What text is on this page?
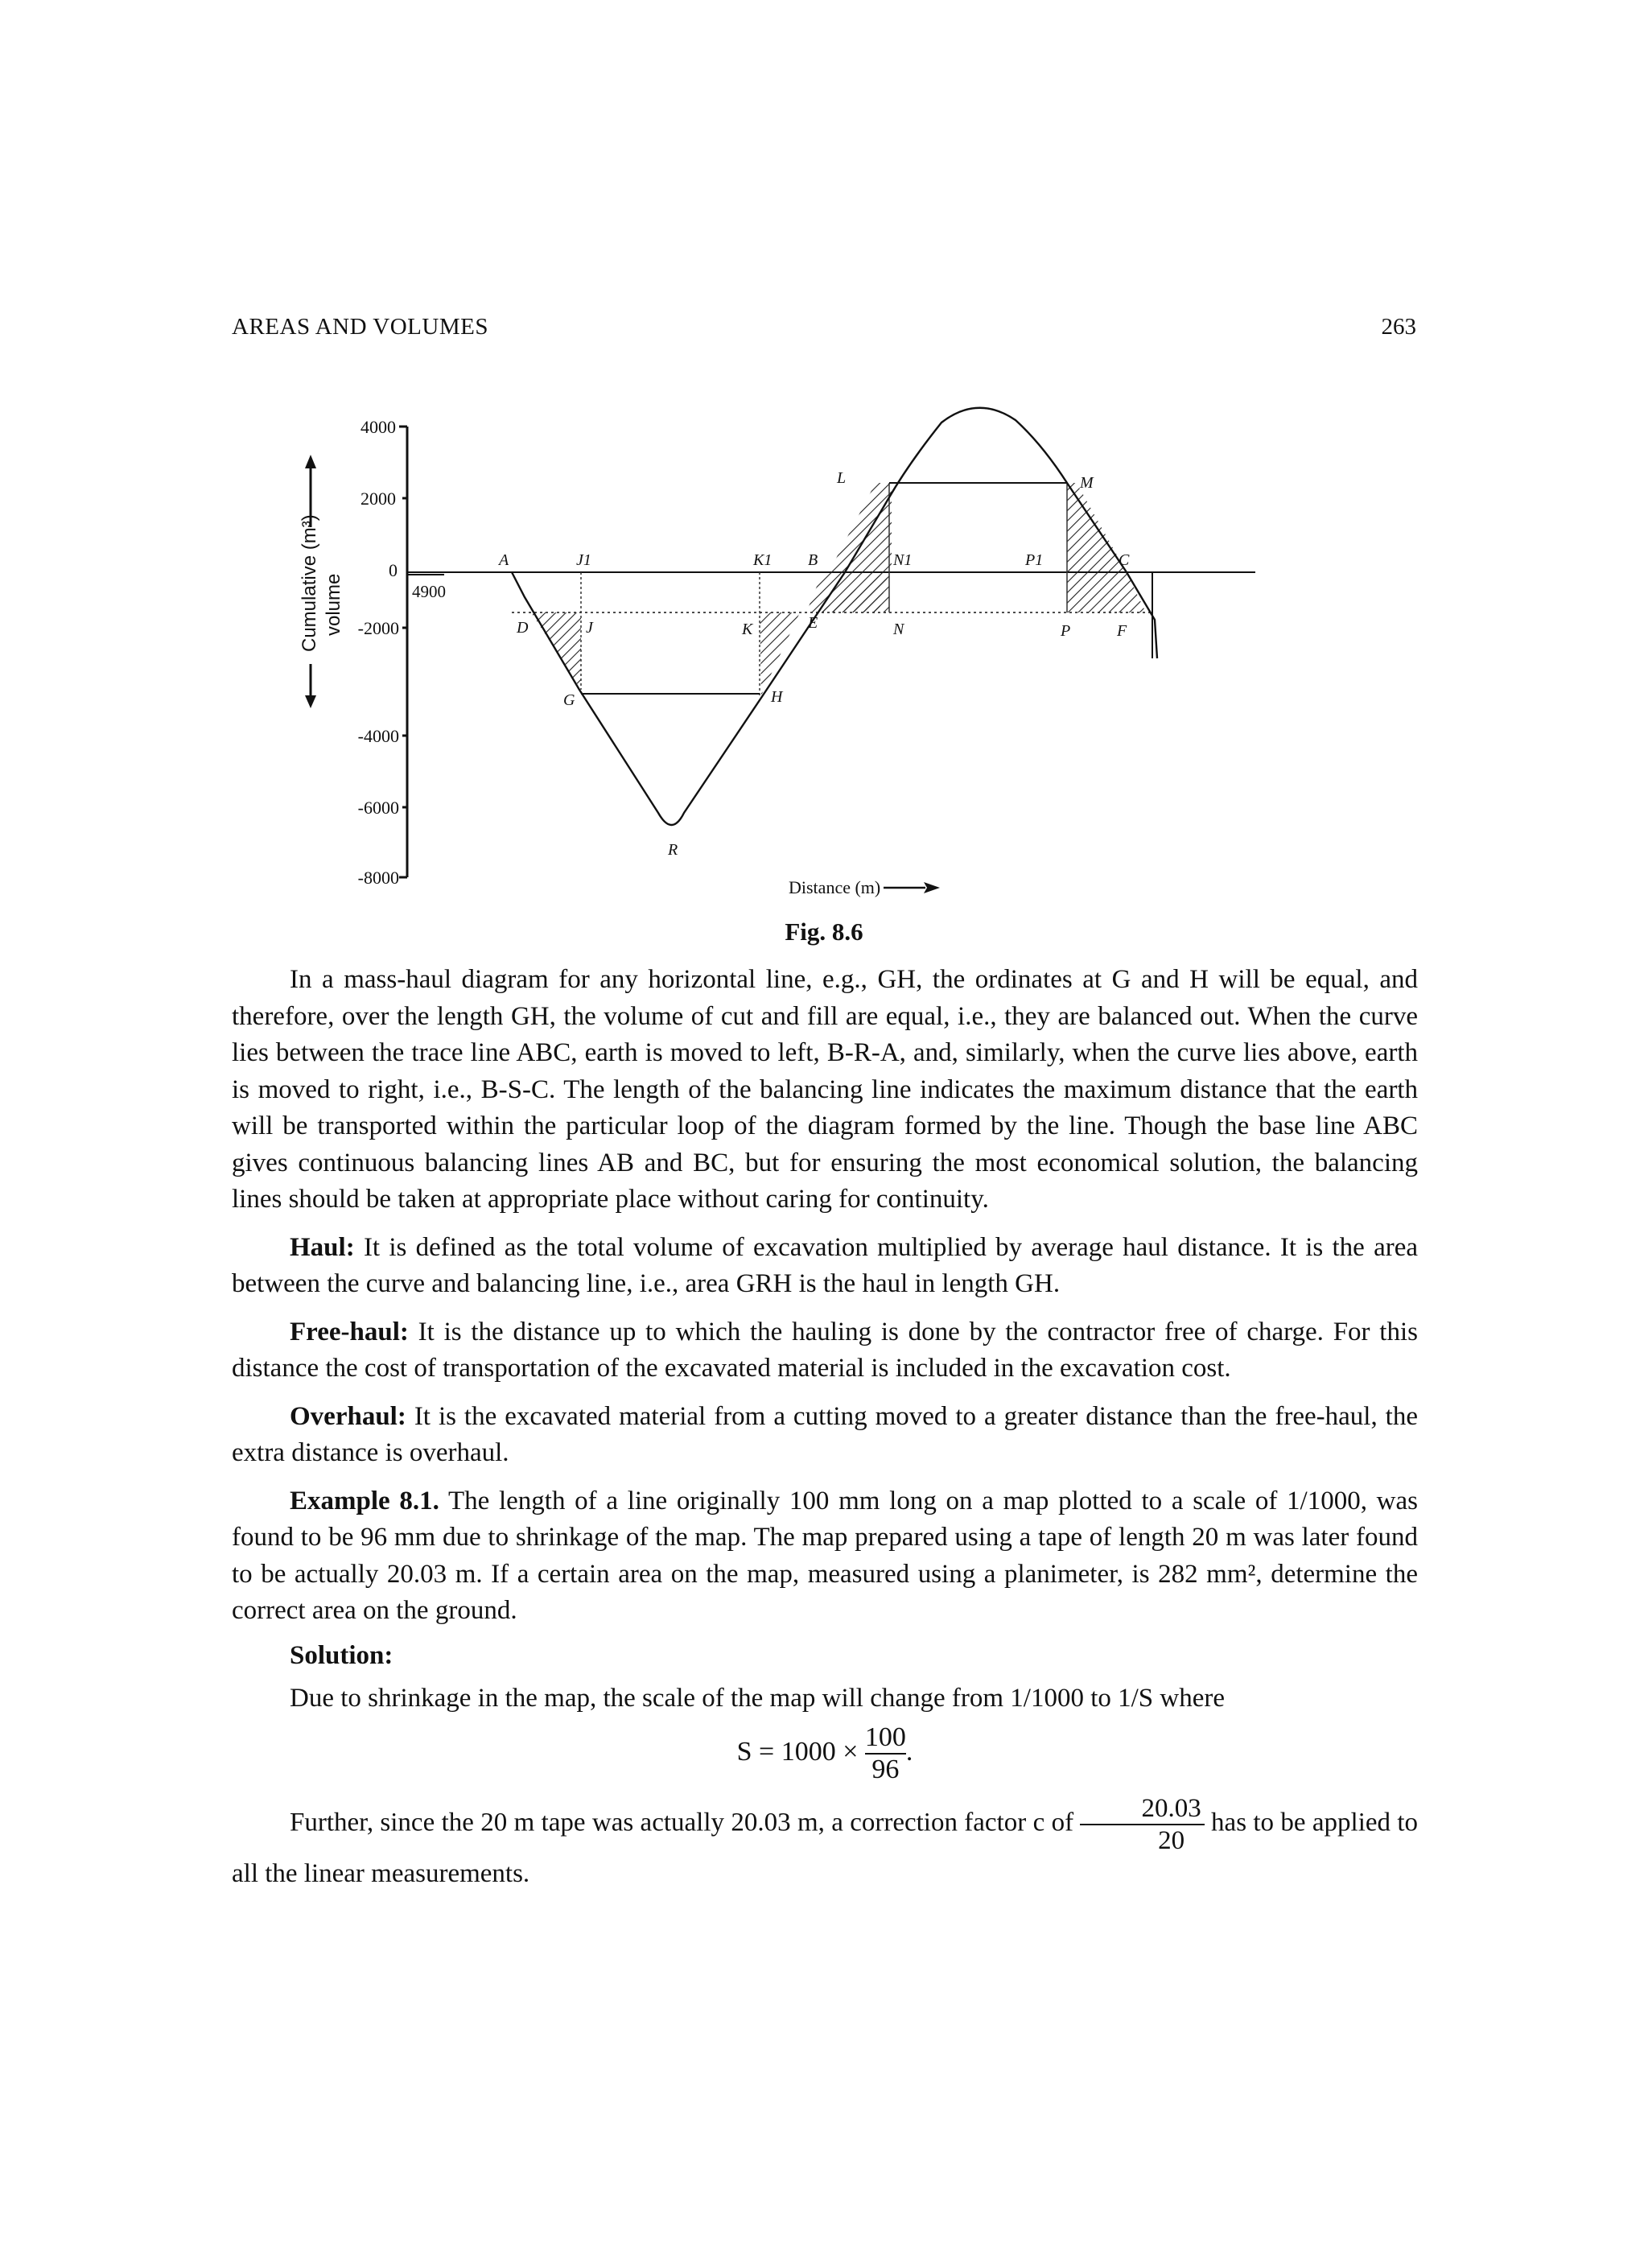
AREAS AND VOLUMES	263
4000
2000
0
-2000
-4000
-6000
-8000
Cumulative (m³) volume	4900
A	J1	K1 B	N1	P1	C
D	J	K	E	N	P	F
G	H
R
L	M
Distance (m)
Fig. 8.6

In a mass-haul diagram for any horizontal line, e.g., GH, the ordinates at G and H will be equal, and therefore, over the length GH, the volume of cut and fill are equal, i.e., they are balanced out. When the curve lies between the trace line ABC, earth is moved to left, B-R-A, and, similarly, when the curve lies above, earth is moved to right, i.e., B-S-C. The length of the balancing line indicates the maximum distance that the earth will be transported within the particular loop of the diagram formed by the line. Though the base line ABC gives continuous balancing lines AB and BC, but for ensuring the most economical solution, the balancing lines should be taken at appropriate place without caring for continuity.

Haul: It is defined as the total volume of excavation multiplied by average haul distance. It is the area between the curve and balancing line, i.e., area GRH is the haul in length GH.

Free-haul: It is the distance up to which the hauling is done by the contractor free of charge. For this distance the cost of transportation of the excavated material is included in the excavation cost.

Overhaul: It is the excavated material from a cutting moved to a greater distance than the free-haul, the extra distance is overhaul.

Example 8.1. The length of a line originally 100 mm long on a map plotted to a scale of 1/1000, was found to be 96 mm due to shrinkage of the map. The map prepared using a tape of length 20 m was later found to be actually 20.03 m. If a certain area on the map, measured using a planimeter, is 282 mm², determine the correct area on the ground.

Solution:

Due to shrinkage in the map, the scale of the map will change from 1/1000 to 1/S where

$S = 1000 \times \frac{100}{96}$ .

Further, since the 20 m tape was actually 20.03 m, a correction factor c of $\frac{20.03}{20}$ has to be applied to all the linear measurements.
